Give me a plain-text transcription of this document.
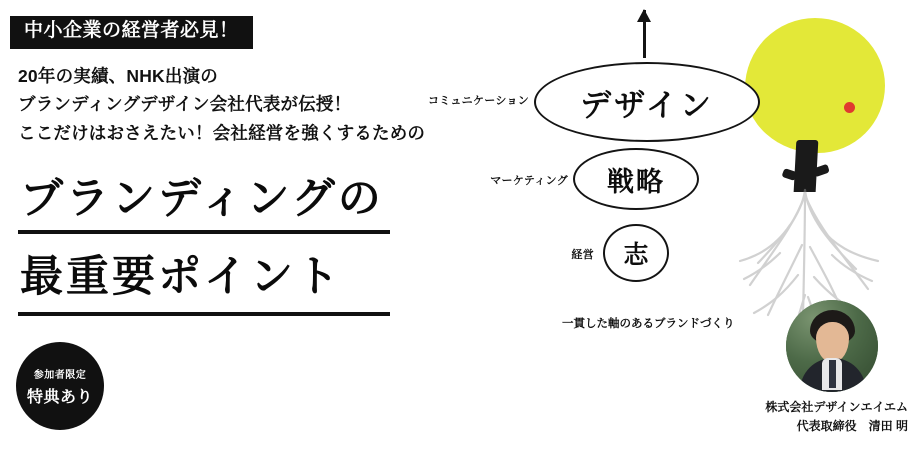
中小企業の経営者必見！
20年の実績、NHK出演の
ブランディングデザイン会社代表が伝授！
ここだけはおさえたい！会社経営を強くするための
ブランディングの
最重要ポイント
参加者限定
特典あり
デザイン
コミュニケーション
戦略
マーケティング
志
経営
一貫した軸のあるブランドづくり
株式会社デザインエイエム
代表取締役　清田 明
